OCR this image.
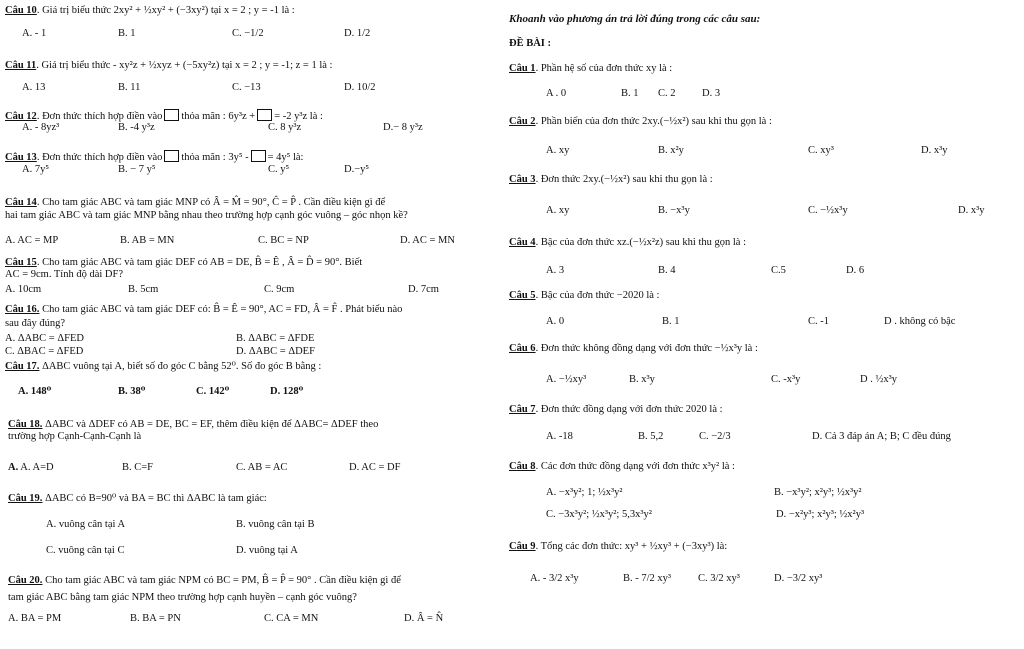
Câu 10. Giá trị biểu thức 2xy² + ½xy² + (−3xy²) tại x = 2 ; y = -1 là :
A. - 1	B. 1	C. −1/2	D. 1/2
Câu 11. Giá trị biểu thức - xy²z + ½xyz + (−5xy²z) tại x = 2 ; y = -1; z = 1 là :
A. 13	B. 11	C. −13	D. 10/2
Câu 12. Đơn thức thích hợp điền vào thỏa mãn : 6y³z + = -2 y³z là :
A. - 8yz³	B. -4 y³z	C. 8 y³z	D.− 8 y³z
Câu 13. Đơn thức thích hợp điền vào thỏa mãn : 3y⁵ - = 4y⁵ là:
A. 7y⁵	B. − 7 y⁵	C. y⁵	D.−y⁵
Câu 14. Cho tam giác ABC và tam giác MNP có Â = M̂ = 90°, Ĉ = P̂ . Cần điều kiện gì để
hai tam giác ABC và tam giác MNP bằng nhau theo trường hợp cạnh góc vuông – góc nhọn kề?
A. AC = MP	B. AB = MN	C. BC = NP	D. AC = MN
Câu 15. Cho tam giác ABC và tam giác DEF có AB = DE, B̂ = Ê , Â = D̂ = 90°. Biết
AC = 9cm. Tính độ dài DF?
A. 10cm	B. 5cm	C. 9cm	D. 7cm
Câu 16. Cho tam giác ABC và tam giác DEF có: B̂ = Ê = 90°, AC = FD, Â = F̂ . Phát biểu nào
sau đây đúng?
A. ΔABC = ΔFED	B. ΔABC = ΔFDE
C. ΔBAC = ΔFED	D. ΔABC = ΔDEF
Câu 17. ΔABC vuông tại A, biết số đo góc C bằng 52⁰. Số đo góc B bằng :
A. 148⁰	B. 38⁰	C. 142⁰	D. 128⁰
Câu 18. ΔABC và ΔDEF có AB = DE, BC = EF, thêm điều kiện để ΔABC= ΔDEF theo
trường hợp Cạnh-Cạnh-Cạnh là
A. A. A=D	B. C=F	C. AB = AC	D. AC = DF
Câu 19. ΔABC có B=90⁰ và BA = BC thì ΔABC là tam giác:
A. vuông cân tại A	B. vuông cân tại B
C. vuông cân tại C	D. vuông tại A
Câu 20. Cho tam giác ABC và tam giác NPM có BC = PM, B̂ = P̂ = 90° . Cần điều kiện gì để
tam giác ABC bằng tam giác NPM theo trường hợp cạnh huyền – cạnh góc vuông?
A. BA = PM	B. BA = PN	C. CA = MN	D. Â = N̂
Khoanh vào phương án trả lời đúng trong các câu sau:
ĐỀ BÀI :
Câu 1. Phần hệ số của đơn thức xy là :
A . 0	B. 1 C. 2	D. 3
Câu 2. Phần biến của đơn thức 2xy.(−½x²) sau khi thu gọn là :
A. xy	B. x²y	C. xy³	D. x³y
Câu 3. Đơn thức 2xy.(−½x²) sau khi thu gọn là :
A. xy	B. −x³y	C. −½x³y	D. x³y
Câu 4. Bậc của đơn thức xz.(−½x²z) sau khi thu gọn là :
A. 3	B. 4	C.5	D. 6
Câu 5. Bậc của đơn thức −2020 là :
A. 0	B. 1	C. -1	D . không có bậc
Câu 6. Đơn thức không đồng dạng với đơn thức −½x³y là :
A. −½xy³	B. x³y	C. -x³y	D . ½x³y
Câu 7. Đơn thức đồng dạng với đơn thức 2020 là :
A. -18	B. 5,2	C. −2/3	D. Cả 3 đáp án A; B; C đều đúng
Câu 8. Các đơn thức đồng dạng với đơn thức x³y² là :
A. −x³y²; 1; ½x³y²	B. −x³y²; x²y³; ½x³y²
C. −3x³y²; ½x³y²; 5,3x³y²	D. −x²y³; x²y³; ½x²y³
Câu 9. Tổng các đơn thức: xy³ + ½xy³ + (−3xy³) là:
A. - 3/2 x³y	B. - 7/2 xy³	C. 3/2 xy³	D. −3/2 xy³
